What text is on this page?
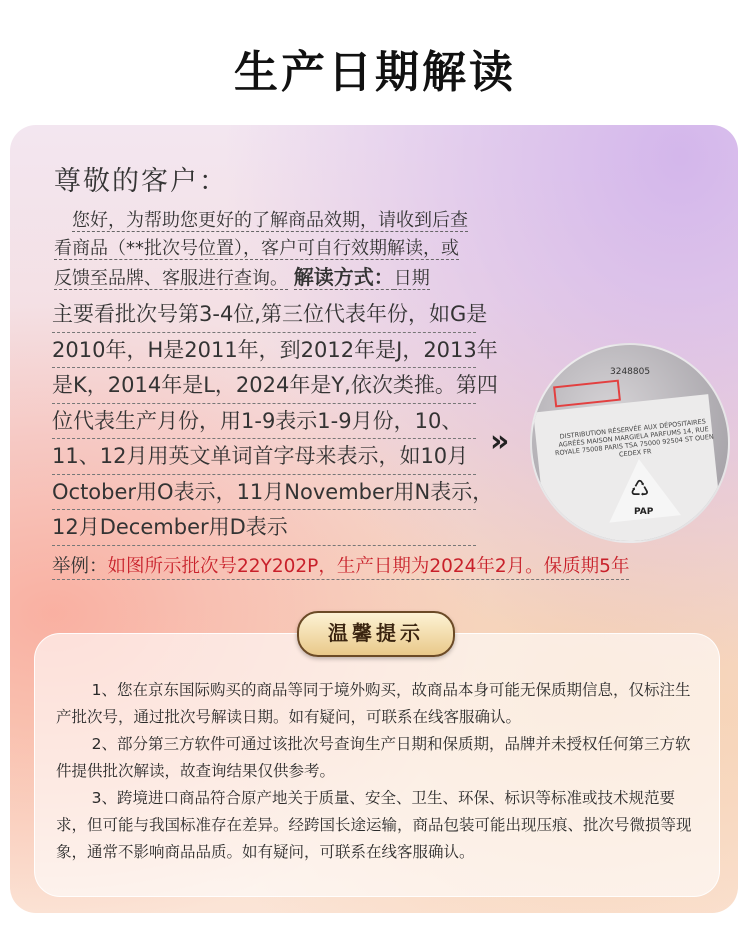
生产日期解读
尊敬的客户：
您好，为帮助您更好的了解商品效期，请收到后查看商品（**批次号位置），客户可自行效期解读，或反馈至品牌、客服进行查询。 解读方式：日期
主要看批次号第3-4位,第三位代表年份，如G是
2010年，H是2011年，到2012年是J，2013年
是K，2014年是L，2024年是Y,依次类推。第四
位代表生产月份，用1-9表示1-9月份，10、
11、12月用英文单词首字母来表示，如10月
October用O表示，11月November用N表示，
12月December用D表示
»
3248805
DISTRIBUTION RÉSERVÉE AUX DÉPOSITAIRES AGRÉÉS MAISON MARGIELA PARFUMS 14, RUE ROYALE 75008 PARIS TSA 75000 92504 ST OUEN CEDEX FR
♺
PAP
举例：如图所示批次号22Y202P，生产日期为2024年2月。保质期5年
温馨提示

1、您在京东国际购买的商品等同于境外购买，故商品本身可能无保质期信息，仅标注生产批次号，通过批次号解读日期。如有疑问，可联系在线客服确认。

2、部分第三方软件可通过该批次号查询生产日期和保质期，品牌并未授权任何第三方软件提供批次解读，故查询结果仅供参考。

3、跨境进口商品符合原产地关于质量、安全、卫生、环保、标识等标准或技术规范要求，但可能与我国标准存在差异。经跨国长途运输，商品包装可能出现压痕、批次号微损等现象，通常不影响商品品质。如有疑问，可联系在线客服确认。
